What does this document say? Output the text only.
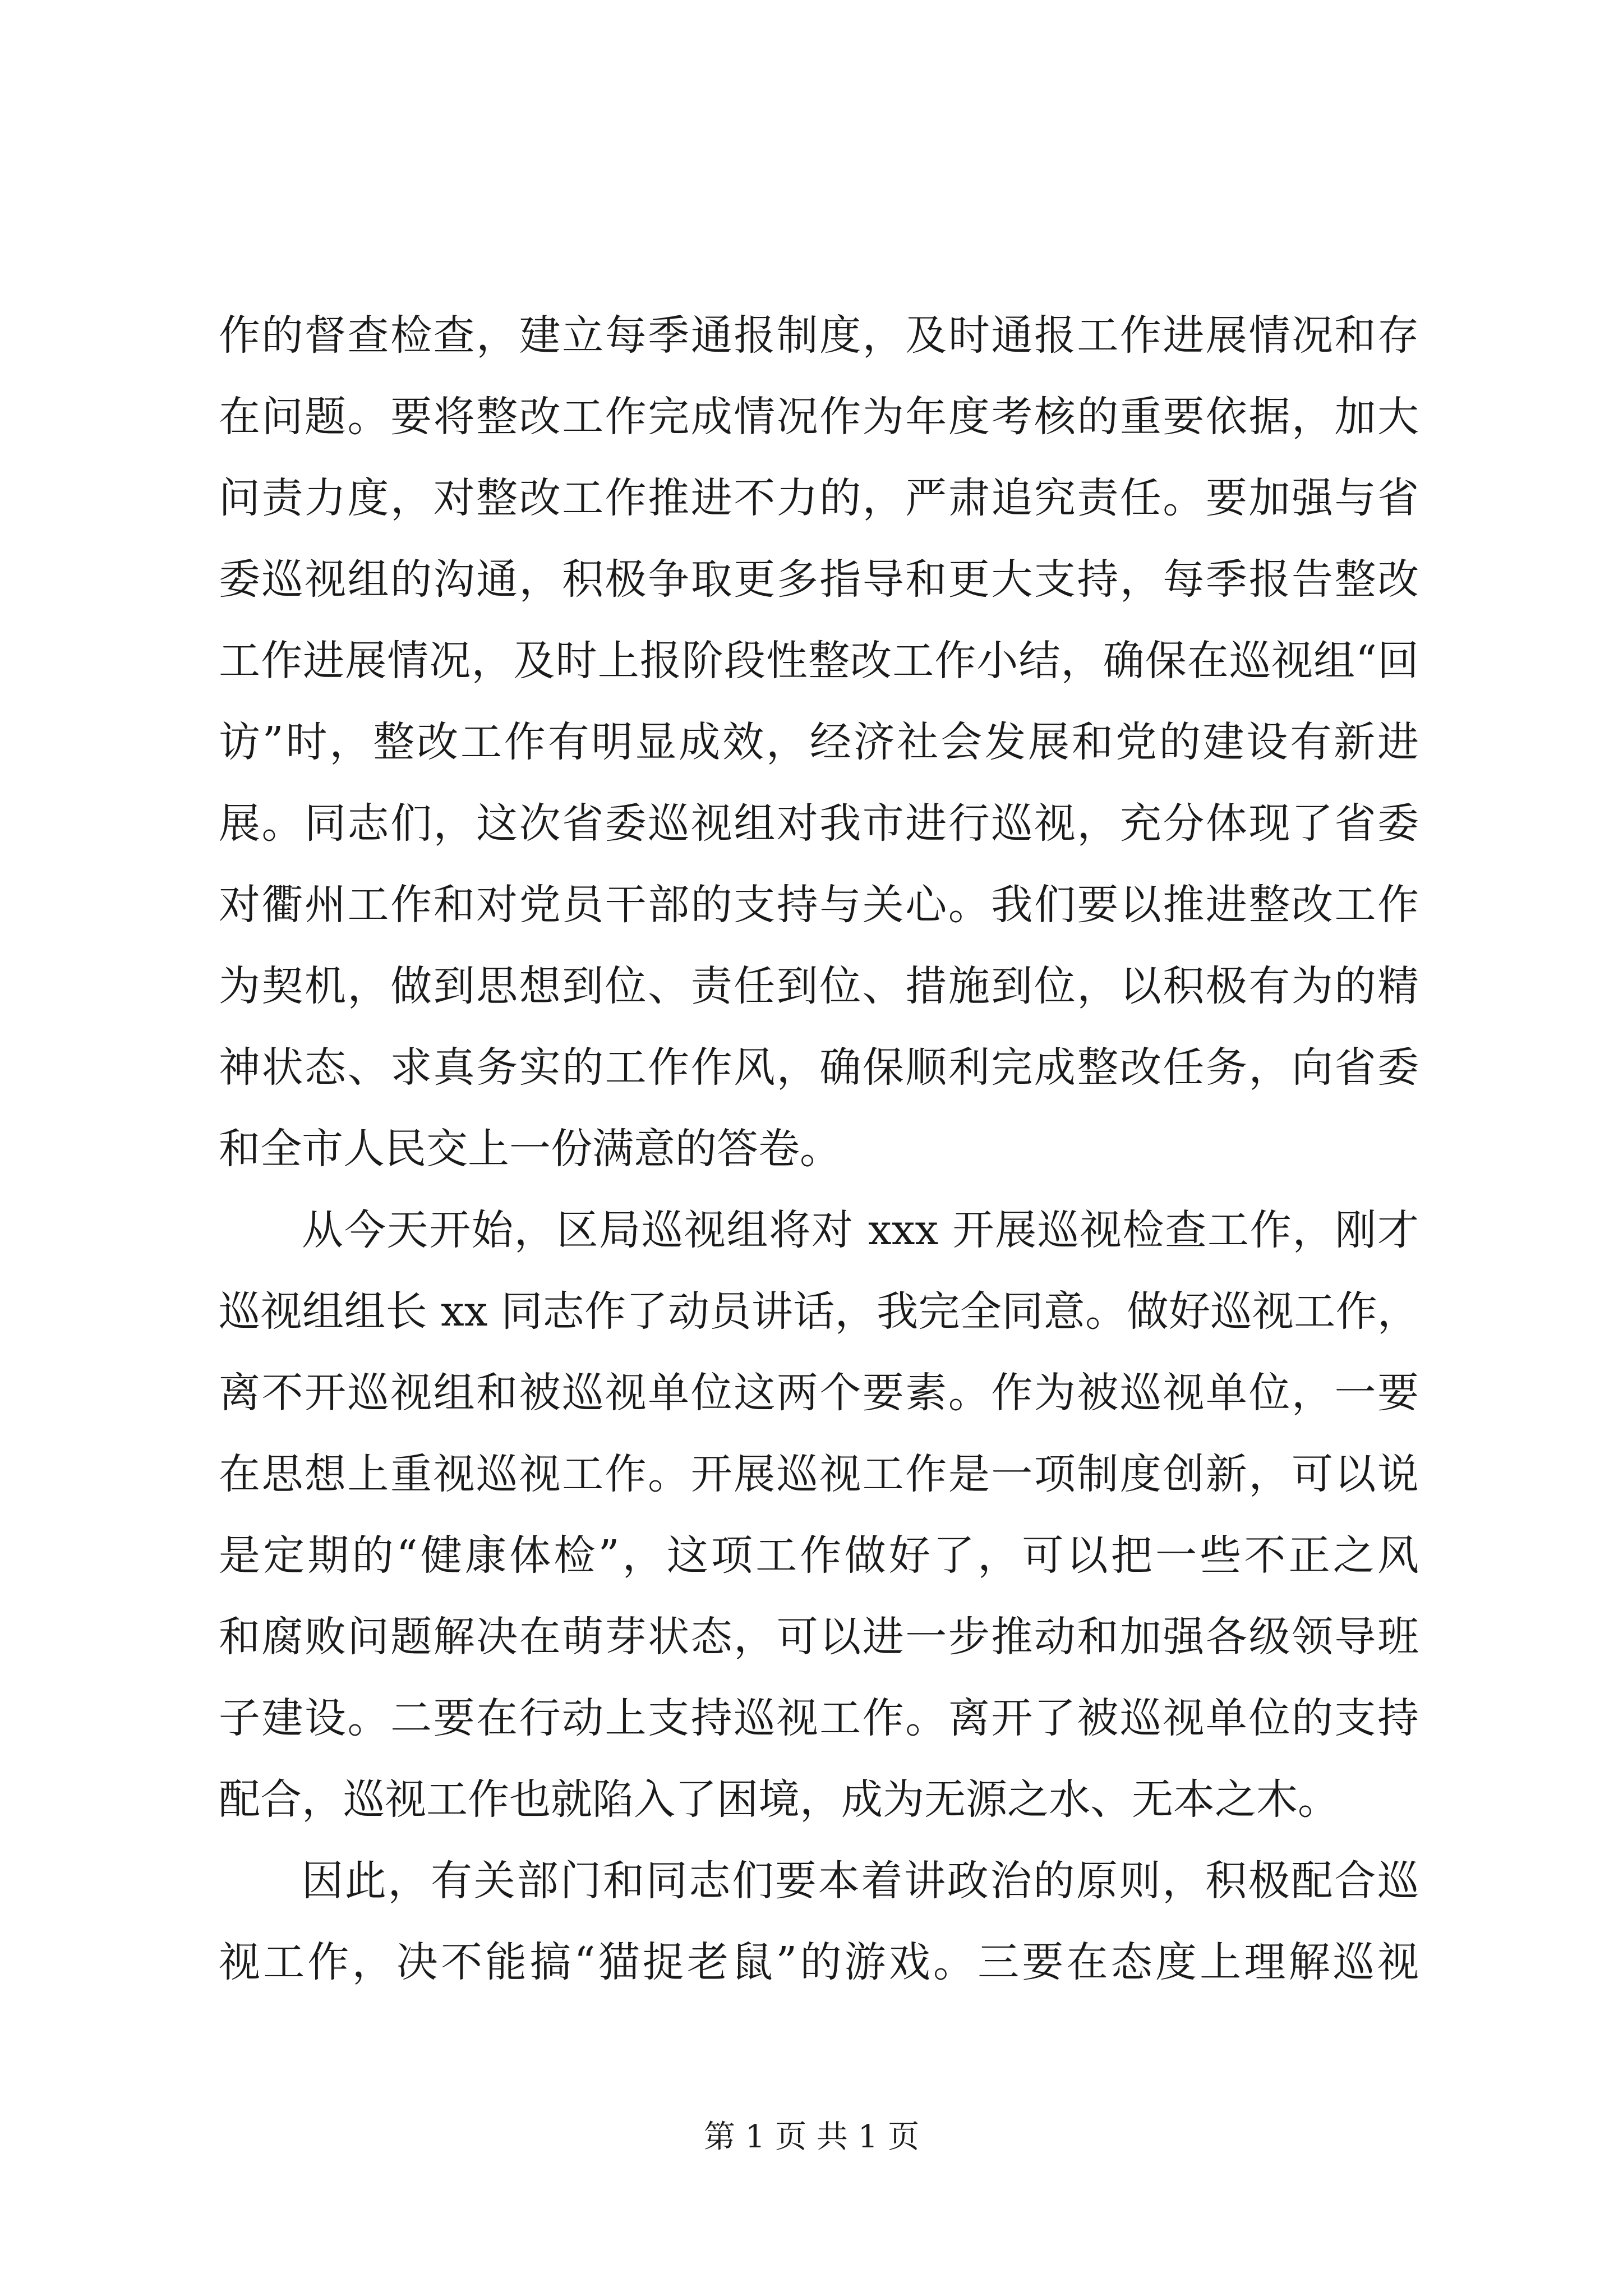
作的督查检查，建立每季通报制度，及时通报工作进展情况和存
在问题。要将整改工作完成情况作为年度考核的重要依据，加大
问责力度，对整改工作推进不力的，严肃追究责任。要加强与省
委巡视组的沟通，积极争取更多指导和更大支持，每季报告整改
工作进展情况，及时上报阶段性整改工作小结，确保在巡视组“回
访”时，整改工作有明显成效，经济社会发展和党的建设有新进
展。同志们，这次省委巡视组对我市进行巡视，充分体现了省委
对衢州工作和对党员干部的支持与关心。我们要以推进整改工作
为契机，做到思想到位、责任到位、措施到位，以积极有为的精
神状态、求真务实的工作作风，确保顺利完成整改任务，向省委
和全市人民交上一份满意的答卷。
从今天开始，区局巡视组将对 xxx 开展巡视检查工作，刚才
巡视组组长 xx 同志作了动员讲话，我完全同意。做好巡视工作，
离不开巡视组和被巡视单位这两个要素。作为被巡视单位，一要
在思想上重视巡视工作。开展巡视工作是一项制度创新，可以说
是定期的“健康体检”，这项工作做好了，可以把一些不正之风
和腐败问题解决在萌芽状态，可以进一步推动和加强各级领导班
子建设。二要在行动上支持巡视工作。离开了被巡视单位的支持
配合，巡视工作也就陷入了困境，成为无源之水、无本之木。
因此，有关部门和同志们要本着讲政治的原则，积极配合巡
视工作，决不能搞“猫捉老鼠”的游戏。三要在态度上理解巡视
第 1 页 共 1 页
